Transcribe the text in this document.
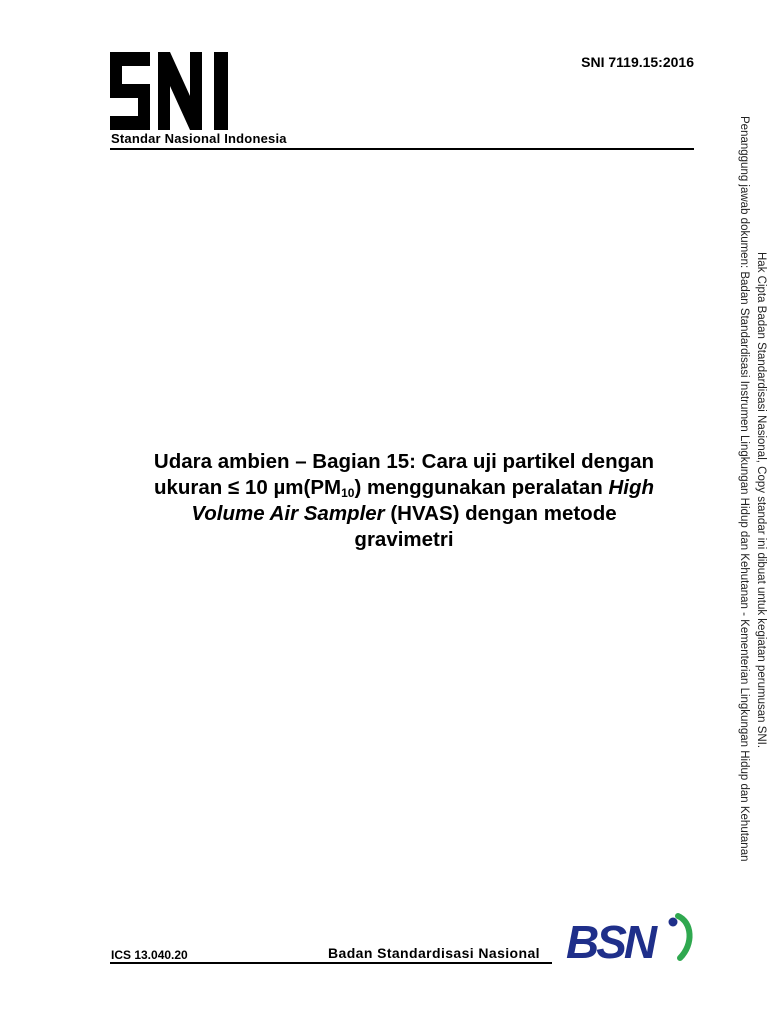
Standar Nasional Indonesia
SNI 7119.15:2016
Udara ambien – Bagian 15: Cara uji partikel dengan
ukuran ≤ 10 $\mu m(PM_{10})$ menggunakan peralatan High
Volume Air Sampler (HVAS) dengan metode
gravimetri	Hak Cipta Badan Standardisasi Nasional, Copy standar ini dibuat untuk kegiatan perumusan SNI.
Penanggung jawab dokumen: Badan Standardisasi Instrumen Lingkungan Hidup dan Kehutanan - Kementerian Lingkungan Hidup dan Kehutanan
ICS 13.040.20	Badan Standardisasi Nasional BSN
